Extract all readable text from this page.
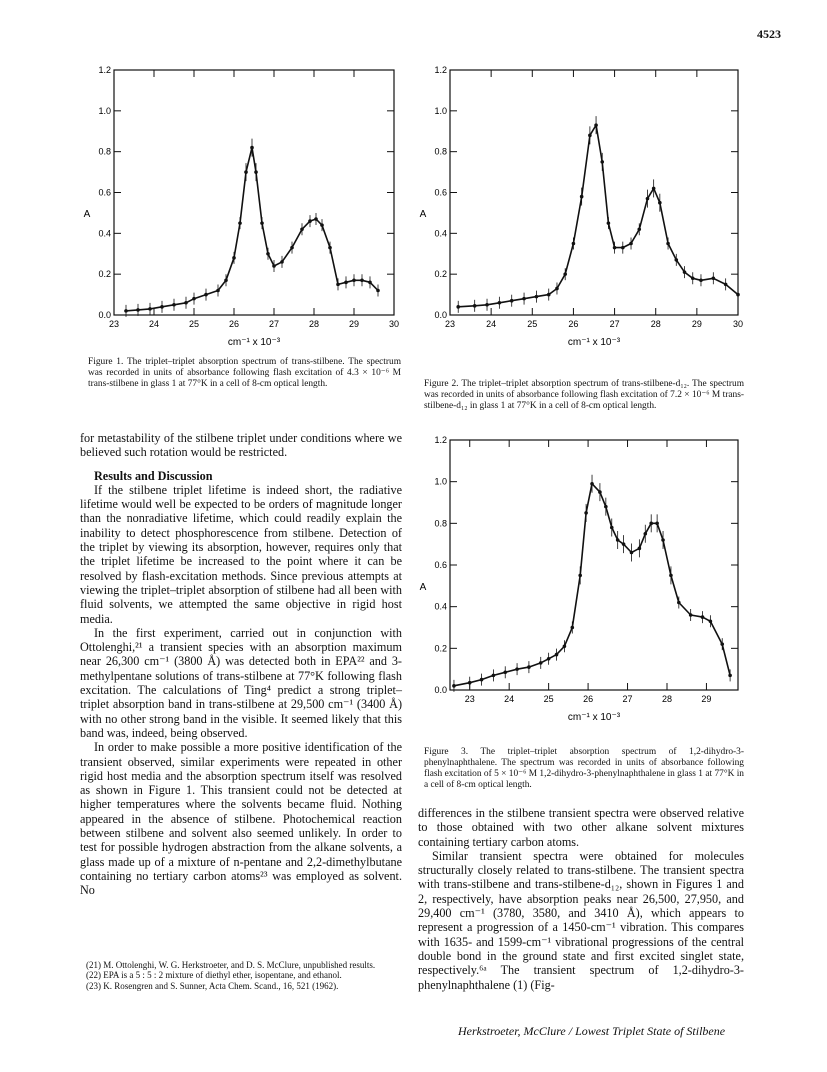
4523
0.0
0.2
0.4
0.6
0.8
1.0
1.2
23	24	25	26	27	28	29	30
cm⁻¹ x 10⁻³
A
Figure 1. The triplet–triplet absorption spectrum of trans-stilbene. The spectrum was recorded in units of absorbance following flash excitation of 4.3 × 10⁻⁶ M trans-stilbene in glass 1 at 77°K in a cell of 8-cm optical length.
0.0
0.2
0.4
0.6
0.8
1.0
1.2
23	24	25	26	27	28	29	30
cm⁻¹ x 10⁻³
A
Figure 2. The triplet–triplet absorption spectrum of trans-stilbene-d₁₂. The spectrum was recorded in units of absorbance following flash excitation of 7.2 × 10⁻⁶ M trans-stilbene-d₁₂ in glass 1 at 77°K in a cell of 8-cm optical length.
0.0
0.2
0.4
0.6
0.8
1.0
1.2
23	24	25	26	27	28	29
cm⁻¹ x 10⁻³
A
Figure 3. The triplet–triplet absorption spectrum of 1,2-dihydro-3-phenylnaphthalene. The spectrum was recorded in units of absorbance following flash excitation of 5 × 10⁻⁶ M 1,2-dihydro-3-phenylnaphthalene in glass 1 at 77°K in a cell of 8-cm optical length.

for metastability of the stilbene triplet under conditions where we believed such rotation would be restricted.

Results and Discussion

If the stilbene triplet lifetime is indeed short, the radiative lifetime would well be expected to be orders of magnitude longer than the nonradiative lifetime, which could readily explain the inability to detect phosphorescence from stilbene. Detection of the triplet by viewing its absorption, however, requires only that the triplet lifetime be increased to the point where it can be resolved by flash-excitation methods. Since previous attempts at viewing the triplet–triplet absorption of stilbene had all been with fluid solvents, we attempted the same objective in rigid host media.

In the first experiment, carried out in conjunction with Ottolenghi,²¹ a transient species with an absorption maximum near 26,300 cm⁻¹ (3800 Å) was detected both in EPA²² and 3-methylpentane solutions of trans-stilbene at 77°K following flash excitation. The calculations of Ting⁴ predict a strong triplet–triplet absorption band in trans-stilbene at 29,500 cm⁻¹ (3400 Å) with no other strong band in the visible. It seemed likely that this band was, indeed, being observed.

In order to make possible a more positive identification of the transient observed, similar experiments were repeated in other rigid host media and the absorption spectrum itself was resolved as shown in Figure 1. This transient could not be detected at higher temperatures where the solvents became fluid. Nothing appeared in the absence of stilbene. Photochemical reaction between stilbene and solvent also seemed unlikely. In order to test for possible hydrogen abstraction from the alkane solvents, a glass made up of a mixture of n-pentane and 2,2-dimethylbutane containing no tertiary carbon atoms²³ was employed as solvent. No

(21) M. Ottolenghi, W. G. Herkstroeter, and D. S. McClure, unpublished results.
(22) EPA is a 5 : 5 : 2 mixture of diethyl ether, isopentane, and ethanol.
(23) K. Rosengren and S. Sunner, Acta Chem. Scand., 16, 521 (1962).

differences in the stilbene transient spectra were observed relative to those obtained with two other alkane solvent mixtures containing tertiary carbon atoms.

Similar transient spectra were obtained for molecules structurally closely related to trans-stilbene. The transient spectra with trans-stilbene and trans-stilbene-d₁₂, shown in Figures 1 and 2, respectively, have absorption peaks near 26,500, 27,950, and 29,400 cm⁻¹ (3780, 3580, and 3410 Å), which appears to represent a progression of a 1450-cm⁻¹ vibration. This compares with 1635- and 1599-cm⁻¹ vibrational progressions of the central double bond in the ground state and first excited singlet state, respectively.⁶ᵃ The transient spectrum of 1,2-dihydro-3-phenylnaphthalene (1) (Fig-

Herkstroeter, McClure / Lowest Triplet State of Stilbene
